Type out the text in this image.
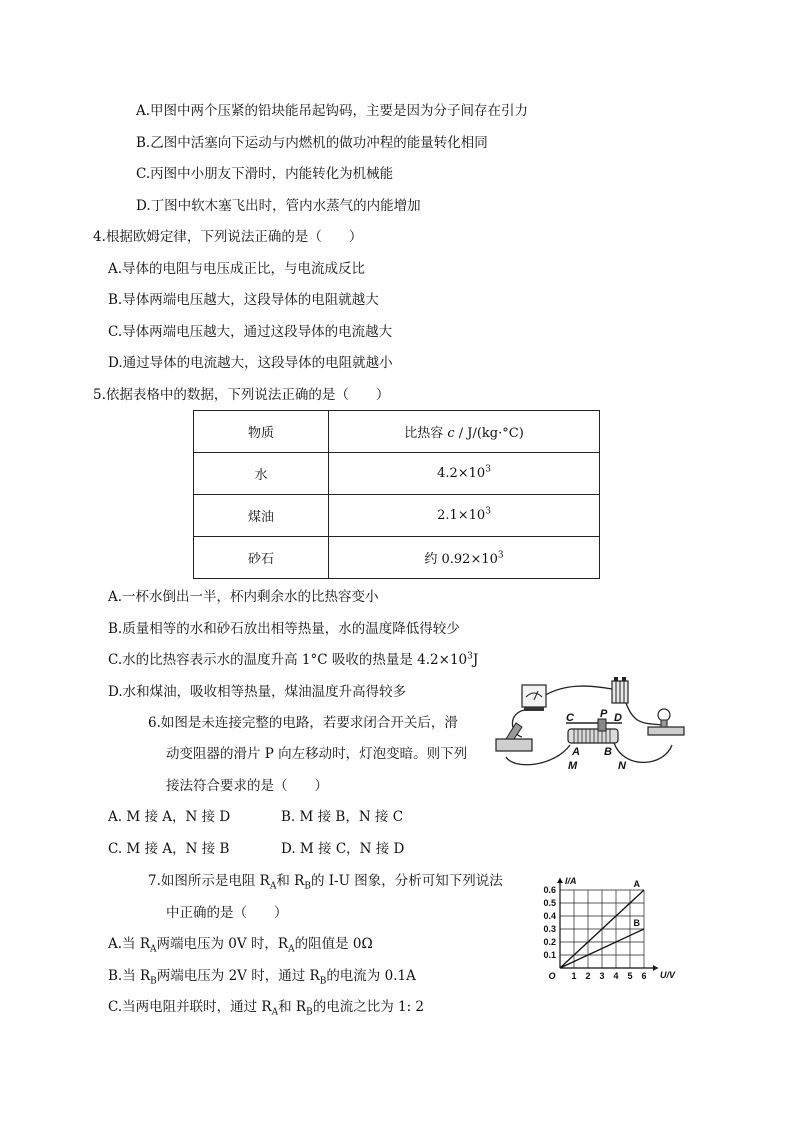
A.甲图中两个压紧的铅块能吊起钩码，主要是因为分子间存在引力
B.乙图中活塞向下运动与内燃机的做功冲程的能量转化相同
C.丙图中小朋友下滑时，内能转化为机械能
D.丁图中软木塞飞出时，管内水蒸气的内能增加
4.根据欧姆定律，下列说法正确的是（　　）
A.导体的电阻与电压成正比，与电流成反比
B.导体两端电压越大，这段导体的电阻就越大
C.导体两端电压越大，通过这段导体的电流越大
D.通过导体的电流越大，这段导体的电阻就越小
5.依据表格中的数据，下列说法正确的是（　　）
物质	比热容 c / J/(kg·°C)
水	$4.2\times 10^3$
煤油	$2.1\times 10^3$
砂石	约 $0.92\times 10^3$
A.一杯水倒出一半，杯内剩余水的比热容变小
B.质量相等的水和砂石放出相等热量，水的温度降低得较少
C.水的比热容表示水的温度升高 1°C 吸收的热量是 $4.2\times 10^3J$
D.水和煤油，吸收相等热量，煤油温度升高得较多
6.如图是未连接完整的电路，若要求闭合开关后，滑
动变阻器的滑片 P 向左移动时，灯泡变暗。则下列
接法符合要求的是（　　）
A. M 接 A，N 接 D	B. M 接 B，N 接 C
C. M 接 A，N 接 B	D. M 接 C，N 接 D
C P D
A B
M	N
7.如图所示是电阻 $R_A$和 $R_B$的 I-U 图象，分析可知下列说法
中正确的是（　　）
A.当 $R_A$两端电压为 0V 时，$R_A$的阻值是 0Ω
B.当 $R_B$两端电压为 2V 时，通过 $R_B$的电流为 0.1A
C.当两电阻并联时，通过 $R_A$和 $R_B$的电流之比为 1: 2
1 2 3 4 5 6
0.1
0.2
0.3
0.4
0.5
0.6
O	U/V
I/A	A
B
